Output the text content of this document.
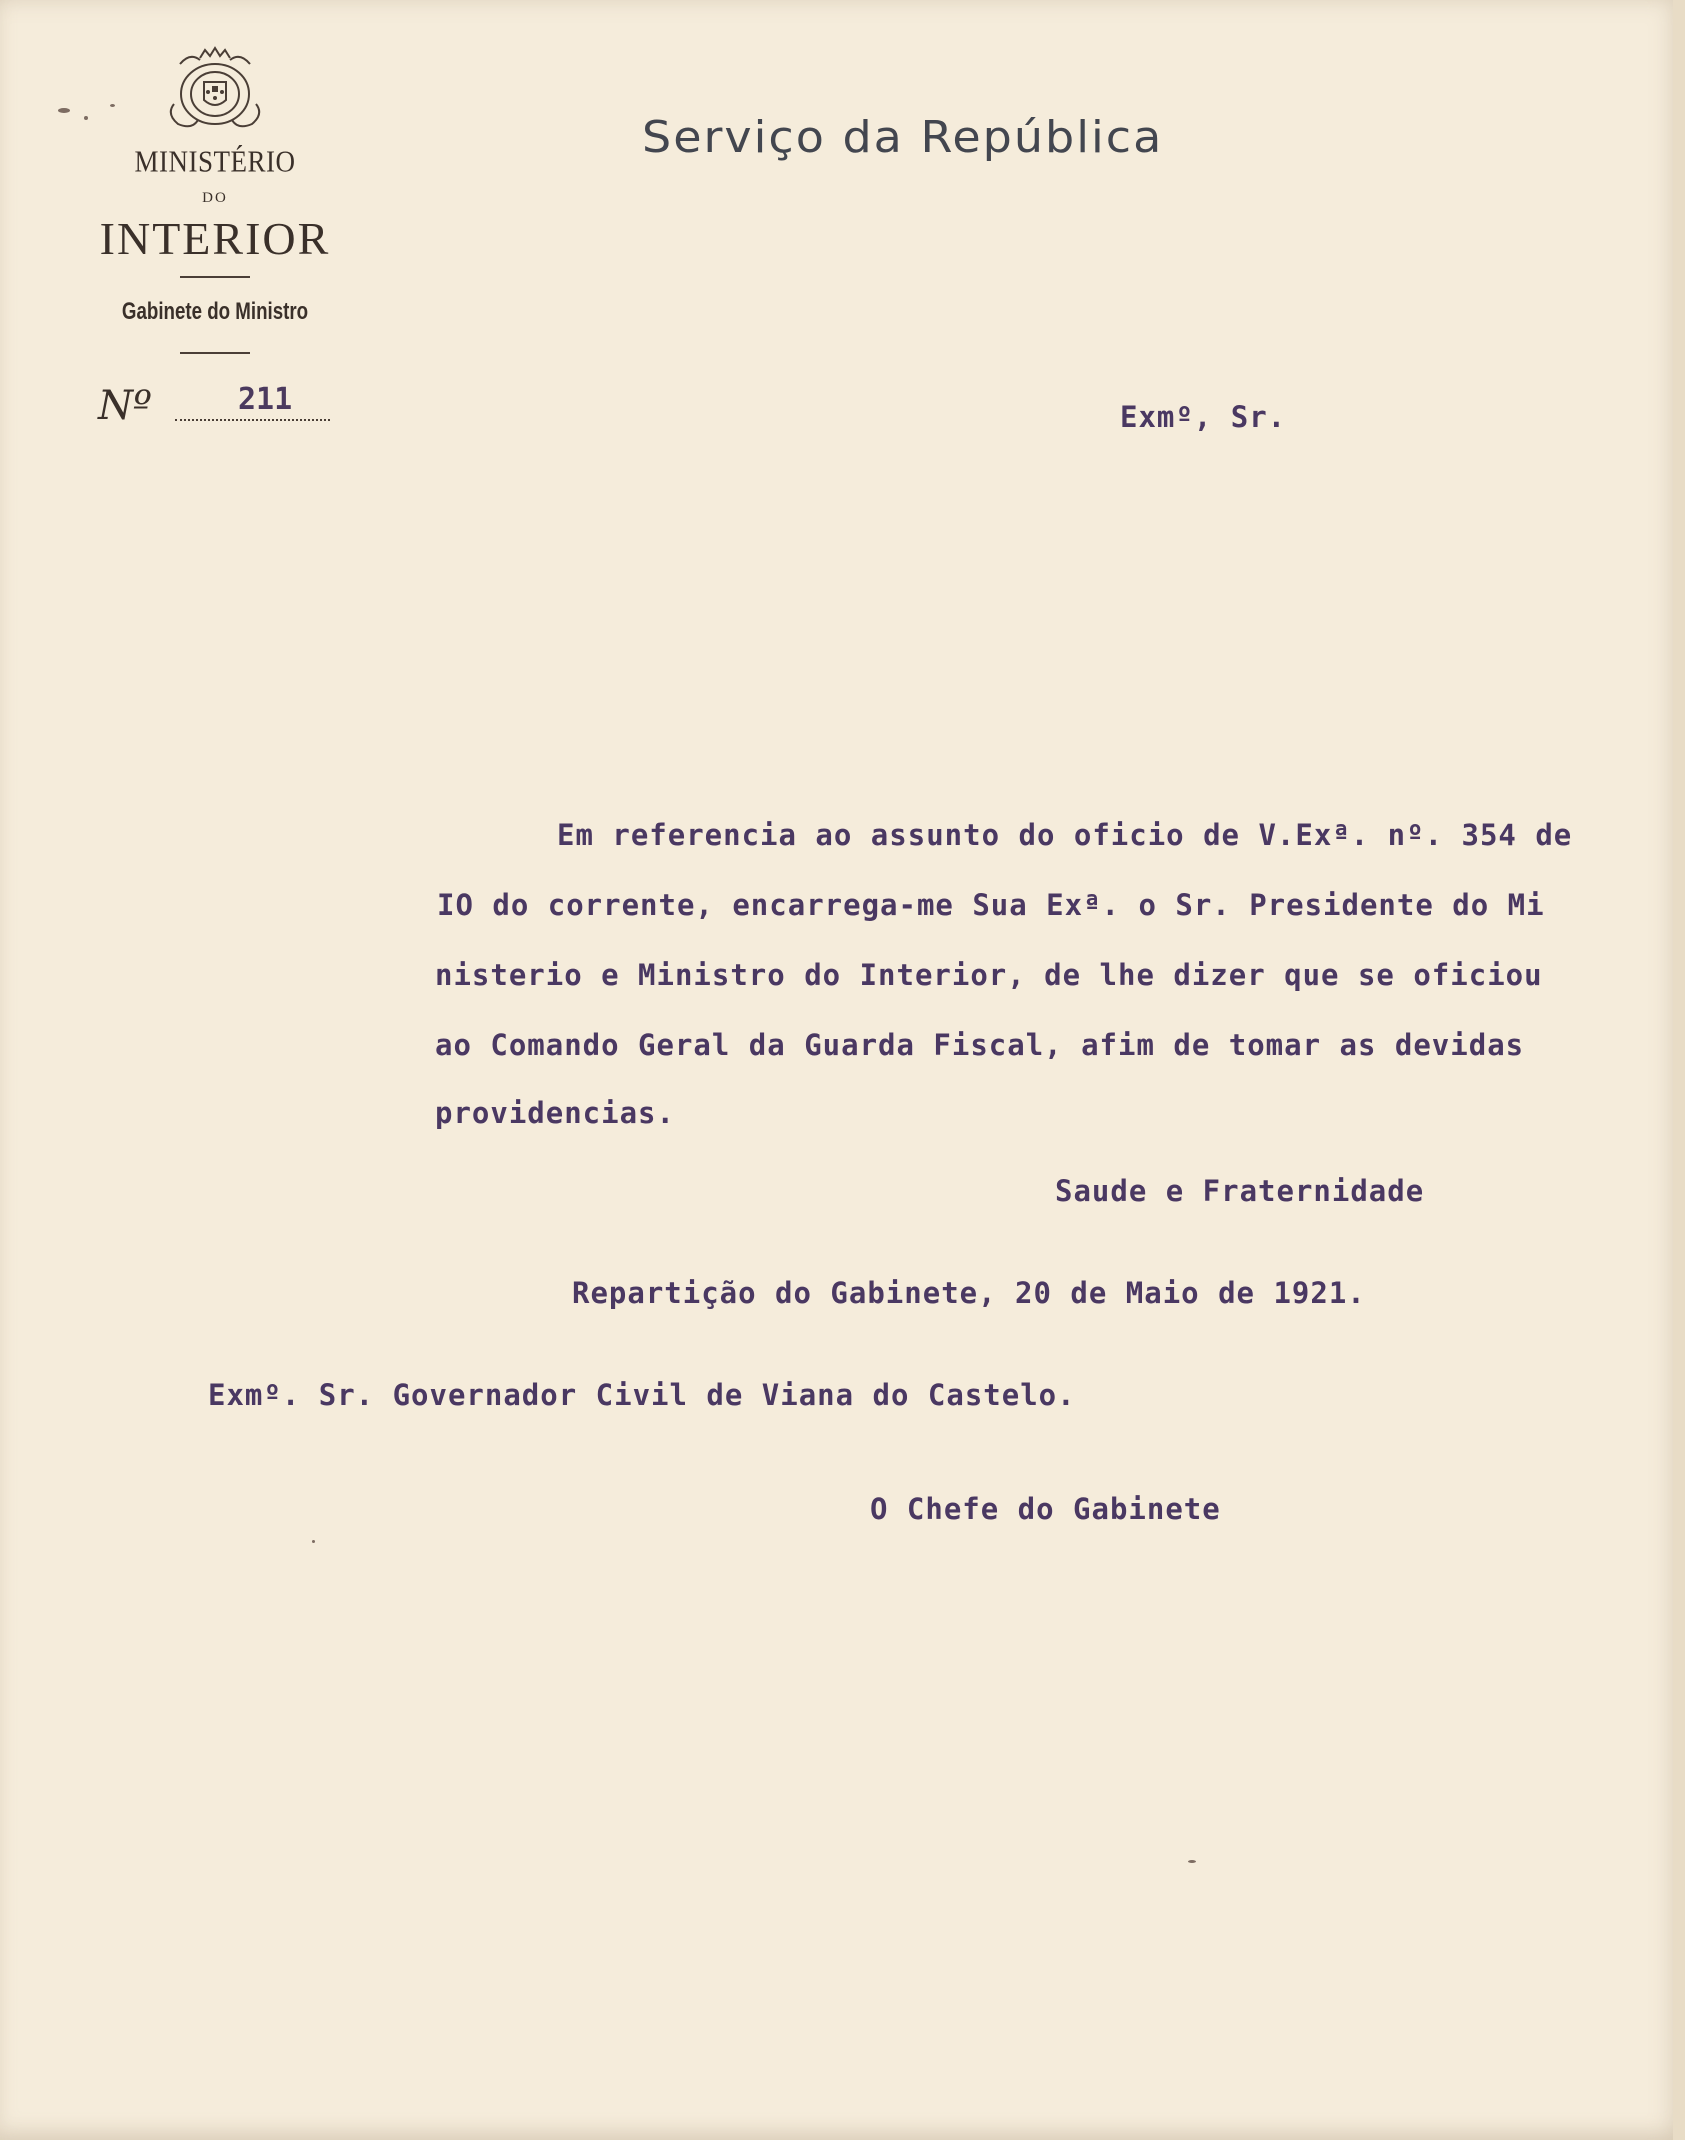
MINISTÉRIO
DO
INTERIOR
Gabinete do Ministro
Nº	211
Serviço da República
Exmº, Sr.
Em referencia ao assunto do oficio de V.Exª. nº. 354 de
IO do corrente, encarrega-me Sua Exª. o Sr. Presidente do Mi
nisterio e Ministro do Interior, de lhe dizer que se oficiou
ao Comando Geral da Guarda Fiscal, afim de tomar as devidas
providencias.
Saude e Fraternidade
Repartição do Gabinete, 20 de Maio de 1921.
Exmº. Sr. Governador Civil de Viana do Castelo.
O Chefe do Gabinete
